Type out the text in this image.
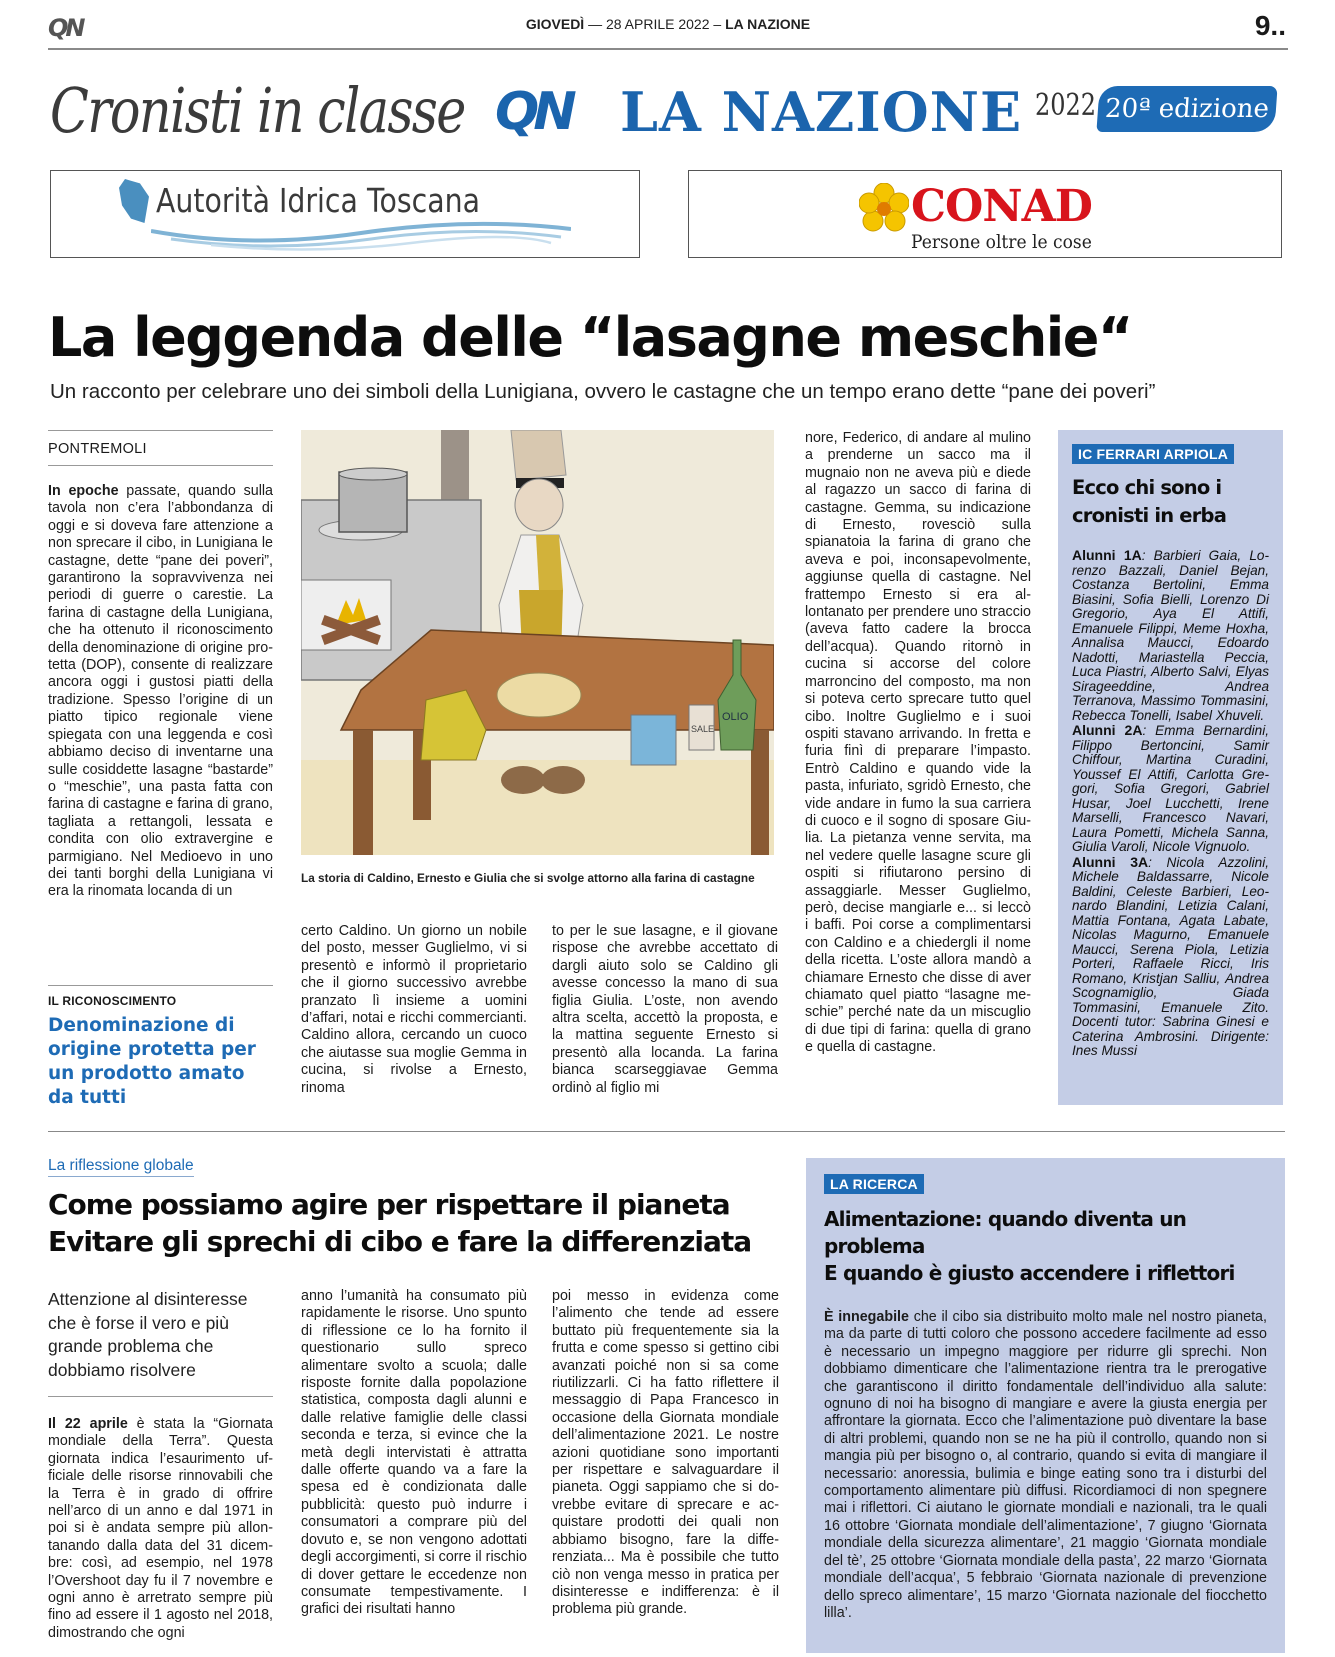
QN	GIOVEDÌ — 28 APRILE 2022 – LA NAZIONE	9..
Cronisti in classe QN LA NAZIONE 2022 20ª edizione
Autorità Idrica Toscana	CONAD
Persone oltre le cose
La leggenda delle “lasagne meschie“

Un racconto per celebrare uno dei simboli della Lunigiana, ovvero le castagne che un tempo erano dette “pane dei poveri”

PONTREMOLI

In epoche passate, quando sulla tavola non c’era l’abbondanza di oggi e si doveva fare attenzione a non sprecare il cibo, in Lunigiana le castagne, dette “pane dei poveri”, garantirono la sopravvivenza nei periodi di guerre o carestie. La farina di castagne della Lunigiana, che ha ottenuto il riconoscimento della denominazione di origine protetta (DOP), consente di realizzare ancora oggi i gustosi piatti della tradizione. Spesso l’origine di un piatto tipico regionale viene spiegata con una leggenda e così abbiamo deciso di inventarne una sulle cosiddette lasagne “bastarde” o “meschie”, una pasta fatta con farina di castagne e farina di grano, tagliata a rettangoli, lessata e condita con olio extravergine e parmigiano. Nel Medioevo in uno dei tanti borghi della Lunigiana vi era la rinomata locanda di un

IL RICONOSCIMENTO
Denominazione di origine protetta per un prodotto amato da tutti
SALE
OLIO

La storia di Caldino, Ernesto e Giulia che si svolge attorno alla farina di castagne

certo Caldino. Un giorno un nobile del posto, messer Guglielmo, vi si presentò e informò il proprietario che il giorno successivo avrebbe pranzato lì insieme a uomini d’affari, notai e ricchi commercianti. Caldino allora, cercando un cuoco che aiutasse sua moglie Gemma in cucina, si rivolse a Ernesto, rinoma

to per le sue lasagne, e il giovane rispose che avrebbe accettato di dargli aiuto solo se Caldino gli avesse concesso la mano di sua figlia Giulia. L’oste, non avendo altra scelta, accettò la proposta, e la mattina seguente Ernesto si presentò alla locanda. La farina bianca scarseggiavae Gemma ordinò al figlio mi

nore, Federico, di andare al mulino a prenderne un sacco ma il mugnaio non ne aveva più e diede al ragazzo un sacco di farina di castagne. Gemma, su indicazione di Ernesto, rovesciò sulla spianatoia la farina di grano che aveva e poi, inconsapevolmente, aggiunse quella di castagne. Nel frattempo Ernesto si era allontanato per prendere uno straccio (aveva fatto cadere la brocca dell’acqua). Quando ritornò in cucina si accorse del colore marroncino del composto, ma non si poteva certo sprecare tutto quel cibo. Inoltre Guglielmo e i suoi ospiti stavano arrivando. In fretta e furia finì di preparare l’impasto. Entrò Caldino e quando vide la pasta, infuriato, sgridò Ernesto, che vide andare in fumo la sua carriera di cuoco e il sogno di sposare Giulia. La pietanza venne servita, ma nel vedere quelle lasagne scure gli ospiti si rifiutarono persino di assaggiarle. Messer Guglielmo, però, decise mangiarle e... si leccò i baffi. Poi corse a complimentarsi con Caldino e a chiedergli il nome della ricetta. L’oste allora mandò a chiamare Ernesto che disse di aver chiamato quel piatto “lasagne meschie” perché nate da un miscuglio di due tipi di farina: quella di grano e quella di castagne.

IC FERRARI ARPIOLA
Ecco chi sono i cronisti in erba

Alunni 1A: Barbieri Gaia, Lorenzo Bazzali, Daniel Bejan, Costanza Bertolini, Emma Biasini, Sofia Bielli, Lorenzo Di Gregorio, Aya El Attifi, Emanuele Filippi, Meme Hoxha, Annalisa Maucci, Edoardo Nadotti, Mariastella Peccia, Luca Piastri, Alberto Salvi, Elyas Sirageeddine, Andrea Terranova, Massimo Tommasini, Rebecca Tonelli, Isabel Xhuveli.
Alunni 2A: Emma Bernardini, Filippo Bertoncini, Samir Chiffour, Martina Curadini, Youssef El Attifi, Carlotta Gregori, Sofia Gregori, Gabriel Husar, Joel Lucchetti, Irene Marselli, Francesco Navari, Laura Pometti, Michela Sanna, Giulia Varoli, Nicole Vignuolo.
Alunni 3A: Nicola Azzolini, Michele Baldassarre, Nicole Baldini, Celeste Barbieri, Leonardo Blandini, Letizia Calani, Mattia Fontana, Agata Labate, Nicolas Magurno, Emanuele Maucci, Serena Piola, Letizia Porteri, Raffaele Ricci, Iris Romano, Kristjan Salliu, Andrea Scognamiglio, Giada Tommasini, Emanuele Zito. Docenti tutor: Sabrina Ginesi e Caterina Ambrosini. Dirigente: Ines Mussi

La riflessione globale
Come possiamo agire per rispettare il pianeta
Evitare gli sprechi di cibo e fare la differenziata

Attenzione al disinteresse che è forse il vero e più grande problema che dobbiamo risolvere

Il 22 aprile è stata la “Giornata mondiale della Terra”. Questa giornata indica l’esaurimento ufficiale delle risorse rinnovabili che la Terra è in grado di offrire nell’arco di un anno e dal 1971 in poi si è andata sempre più allontanando dalla data del 31 dicembre: così, ad esempio, nel 1978 l’Overshoot day fu il 7 novembre e ogni anno è arretrato sempre più fino ad essere il 1 agosto nel 2018, dimostrando che ogni

anno l’umanità ha consumato più rapidamente le risorse. Uno spunto di riflessione ce lo ha fornito il questionario sullo spreco alimentare svolto a scuola; dalle risposte fornite dalla popolazione statistica, composta dagli alunni e dalle relative famiglie delle classi seconda e terza, si evince che la metà degli intervistati è attratta dalle offerte quando va a fare la spesa ed è condizionata dalle pubblicità: questo può indurre i consumatori a comprare più del dovuto e, se non vengono adottati degli accorgimenti, si corre il rischio di dover gettare le eccedenze non consumate tempestivamente. I grafici dei risultati hanno

poi messo in evidenza come l’alimento che tende ad essere buttato più frequentemente sia la frutta e come spesso si gettino cibi avanzati poiché non si sa come riutilizzarli. Ci ha fatto riflettere il messaggio di Papa Francesco in occasione della Giornata mondiale dell’alimentazione 2021. Le nostre azioni quotidiane sono importanti per rispettare e salvaguardare il pianeta. Oggi sappiamo che si dovrebbe evitare di sprecare e acquistare prodotti dei quali non abbiamo bisogno, fare la differenziata... Ma è possibile che tutto ciò non venga messo in pratica per disinteresse e indifferenza: è il problema più grande.

LA RICERCA
Alimentazione: quando diventa un problema
E quando è giusto accendere i riflettori

È innegabile che il cibo sia distribuito molto male nel nostro pianeta, ma da parte di tutti coloro che possono accedere facilmente ad esso è necessario un impegno maggiore per ridurre gli sprechi. Non dobbiamo dimenticare che l’alimentazione rientra tra le prerogative che garantiscono il diritto fondamentale dell’individuo alla salute: ognuno di noi ha bisogno di mangiare e avere la giusta energia per affrontare la giornata. Ecco che l’alimentazione può diventare la base di altri problemi, quando non se ne ha più il controllo, quando non si mangia più per bisogno o, al contrario, quando si evita di mangiare il necessario: anoressia, bulimia e binge eating sono tra i disturbi del comportamento alimentare più diffusi. Ricordiamoci di non spegnere mai i riflettori. Ci aiutano le giornate mondiali e nazionali, tra le quali 16 ottobre ‘Giornata mondiale dell’alimentazione’, 7 giugno ‘Giornata mondiale della sicurezza alimentare’, 21 maggio ‘Giornata mondiale del tè’, 25 ottobre ‘Giornata mondiale della pasta’, 22 marzo ‘Giornata mondiale dell’acqua’, 5 febbraio ‘Giornata nazionale di prevenzione dello spreco alimentare’, 15 marzo ‘Giornata nazionale del fiocchetto lilla’.
